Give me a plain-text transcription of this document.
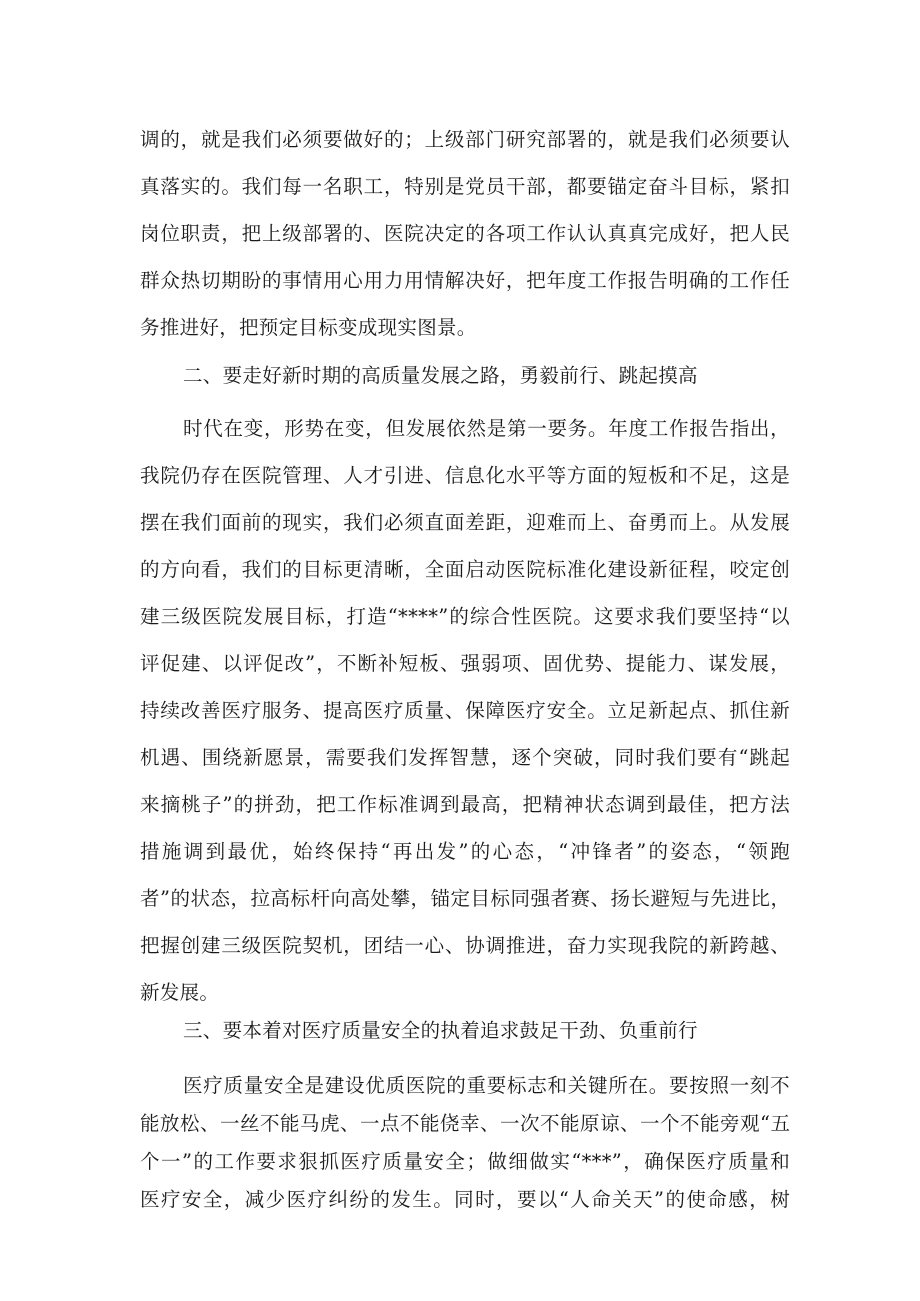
调的，就是我们必须要做好的；上级部门研究部署的，就是我们必须要认
真落实的。我们每一名职工，特别是党员干部，都要锚定奋斗目标，紧扣
岗位职责，把上级部署的、医院决定的各项工作认认真真完成好，把人民
群众热切期盼的事情用心用力用情解决好，把年度工作报告明确的工作任
务推进好，把预定目标变成现实图景。
二、要走好新时期的高质量发展之路，勇毅前行、跳起摸高
时代在变，形势在变，但发展依然是第一要务。年度工作报告指出，
我院仍存在医院管理、人才引进、信息化水平等方面的短板和不足，这是
摆在我们面前的现实，我们必须直面差距，迎难而上、奋勇而上。从发展
的方向看，我们的目标更清晰，全面启动医院标准化建设新征程，咬定创
建三级医院发展目标，打造“****”的综合性医院。这要求我们要坚持“以
评促建、以评促改”，不断补短板、强弱项、固优势、提能力、谋发展，
持续改善医疗服务、提高医疗质量、保障医疗安全。立足新起点、抓住新
机遇、围绕新愿景，需要我们发挥智慧，逐个突破，同时我们要有“跳起
来摘桃子”的拼劲，把工作标准调到最高，把精神状态调到最佳，把方法
措施调到最优，始终保持“再出发”的心态，“冲锋者”的姿态，“领跑
者”的状态，拉高标杆向高处攀，锚定目标同强者赛、扬长避短与先进比，
把握创建三级医院契机，团结一心、协调推进，奋力实现我院的新跨越、
新发展。
三、要本着对医疗质量安全的执着追求鼓足干劲、负重前行
医疗质量安全是建设优质医院的重要标志和关键所在。要按照一刻不
能放松、一丝不能马虎、一点不能侥幸、一次不能原谅、一个不能旁观“五
个一”的工作要求狠抓医疗质量安全；做细做实“***”，确保医疗质量和
医疗安全，减少医疗纠纷的发生。同时，要以“人命关天”的使命感，树
